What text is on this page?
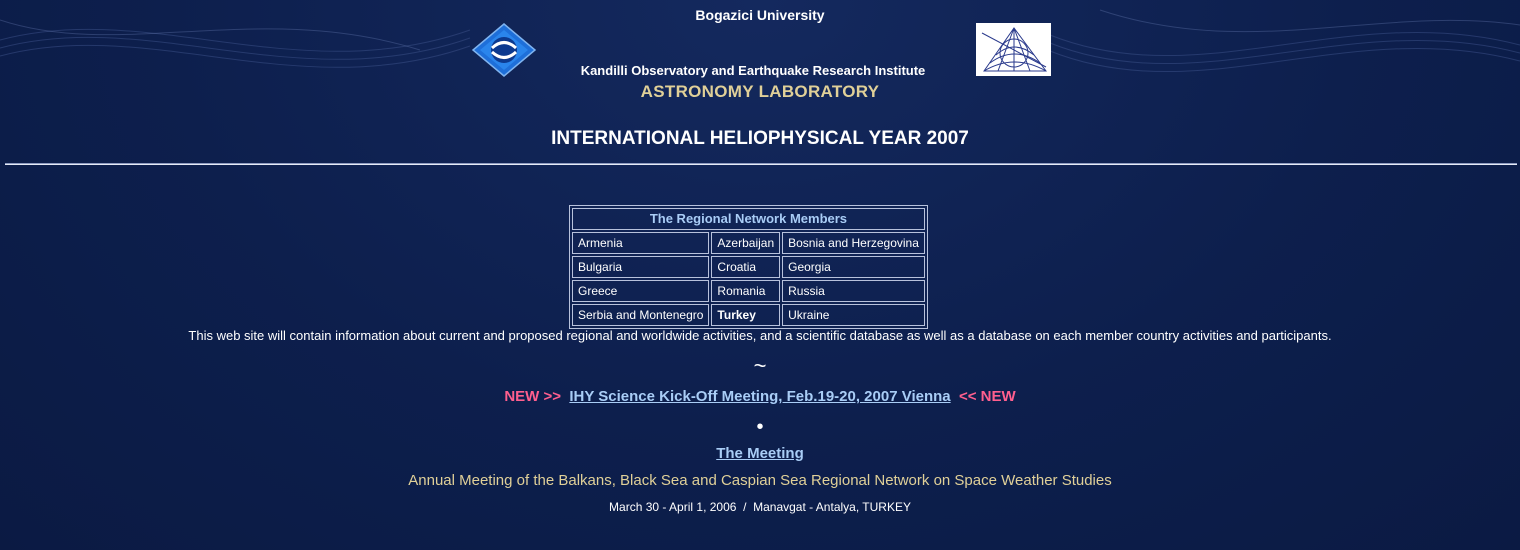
Bogazici University
Kandilli Observatory and Earthquake Research Institute
ASTRONOMY LABORATORY
INTERNATIONAL HELIOPHYSICAL YEAR 2007
The Regional Network Members		
Armenia	Azerbaijan	Bosnia and Herzegovina
Bulgaria	Croatia	Georgia
Greece	Romania	Russia
Serbia and Montenegro	Turkey	Ukraine
This web site will contain information about current and proposed regional and worldwide activities, and a scientific database as well as a database on each member country activities and participants.
~
NEW >> IHY Science Kick-Off Meeting, Feb.19-20, 2007 Vienna << NEW
•
The Meeting
Annual Meeting of the Balkans, Black Sea and Caspian Sea Regional Network on Space Weather Studies
March 30 - April 1, 2006  /  Manavgat - Antalya, TURKEY
